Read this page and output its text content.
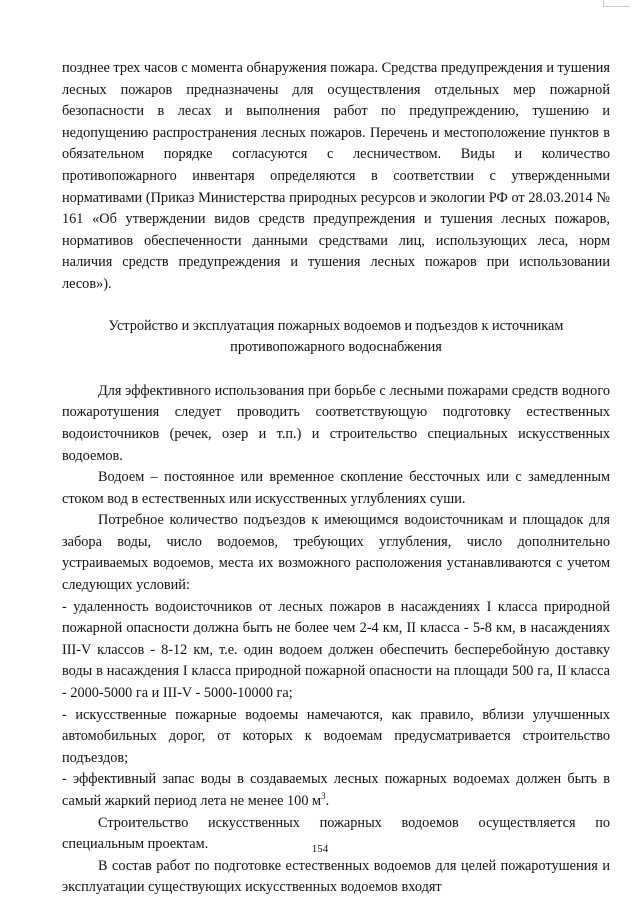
позднее трех часов с момента обнаружения пожара. Средства предупреждения и тушения лесных пожаров предназначены для осуществления отдельных мер пожарной безопасности в лесах и выполнения работ по предупреждению, тушению и недопущению распространения лесных пожаров. Перечень и местоположение пунктов в обязательном порядке согласуются с лесничеством. Виды и количество противопожарного инвентаря определяются в соответствии с утвержденными нормативами (Приказ Министерства природных ресурсов и экологии РФ от 28.03.2014 № 161 «Об утверждении видов средств предупреждения и тушения лесных пожаров, нормативов обеспеченности данными средствами лиц, использующих леса, норм наличия средств предупреждения и тушения лесных пожаров при использовании лесов»).

Устройство и эксплуатация пожарных водоемов и подъездов к источникам
противопожарного водоснабжения

Для эффективного использования при борьбе с лесными пожарами средств водного пожаротушения следует проводить соответствующую подготовку естественных водоисточников (речек, озер и т.п.) и строительство специальных искусственных водоемов.

Водоем – постоянное или временное скопление бессточных или с замедленным стоком вод в естественных или искусственных углублениях суши.

Потребное количество подъездов к имеющимся водоисточникам и площадок для забора воды, число водоемов, требующих углубления, число дополнительно устраиваемых водоемов, места их возможного расположения устанавливаются с учетом следующих условий:

- удаленность водоисточников от лесных пожаров в насаждениях I класса природной пожарной опасности должна быть не более чем 2-4 км, II класса - 5-8 км, в насаждениях III-V классов - 8-12 км, т.е. один водоем должен обеспечить бесперебойную доставку воды в насаждения I класса природной пожарной опасности на площади 500 га, II класса - 2000-5000 га и III-V - 5000-10000 га;

- искусственные пожарные водоемы намечаются, как правило, вблизи улучшенных автомобильных дорог, от которых к водоемам предусматривается строительство подъездов;

- эффективный запас воды в создаваемых лесных пожарных водоемах должен быть в самый жаркий период лета не менее 100 $м^3$.

Строительство искусственных пожарных водоемов осуществляется по специальным проектам.

В состав работ по подготовке естественных водоемов для целей пожаротушения и эксплуатации существующих искусственных водоемов входят

154
